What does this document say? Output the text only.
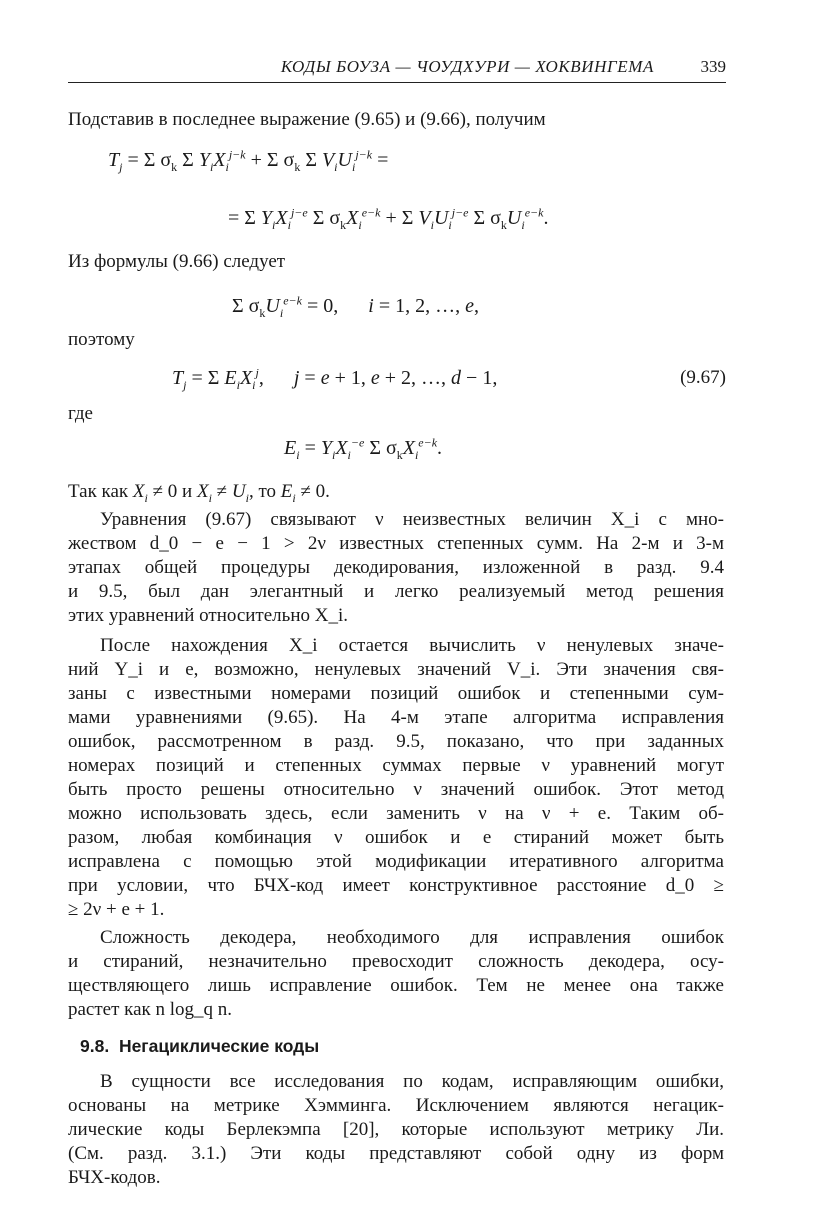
КОДЫ БОУЗА — ЧОУДХУРИ — ХОКВИНГЕМА	339
Подставив в последнее выражение (9.65) и (9.66), получим
$T_j = \Sigma$ $\sigma_k$ Σ $Y_iX_i^{j-k} + \Sigma$ $\sigma_k$ Σ $V_iU_i^{j-k}$ =
= Σ $Y_iX_i^{j-e}$ Σ $\sigma_kX_i^{e-k} + \Sigma$ $V_iU_i^{j-e}$ Σ $\sigma_kU_i^{e-k}$.
Из формулы (9.66) следует
Σ $\sigma_kU_i^{e-k} = 0$,      i = 1, 2, …, e,
поэтому
$T_j = \Sigma$ $E_iX_i^j$,      j = e + 1, e + 2, …, d − 1,	(9.67)
где
$E_i = Y_iX_i^{-e}$ Σ $\sigma_kX_i^{e-k}$.
Так как $X_i \ne 0$ и $X_i \ne U_i$, то $E_i \ne 0$.
Уравнения (9.67) связывают ν неизвестных величин X_i с мно-
жеством d_0 − e − 1 > 2ν известных степенных сумм. На 2-м и 3-м
этапах общей процедуры декодирования, изложенной в разд. 9.4
и 9.5, был дан элегантный и легко реализуемый метод решения
этих уравнений относительно X_i.
После нахождения X_i остается вычислить ν ненулевых значе-
ний Y_i и e, возможно, ненулевых значений V_i. Эти значения свя-
заны с известными номерами позиций ошибок и степенными сум-
мами уравнениями (9.65). На 4-м этапе алгоритма исправления
ошибок, рассмотренном в разд. 9.5, показано, что при заданных
номерах позиций и степенных суммах первые ν уравнений могут
быть просто решены относительно ν значений ошибок. Этот метод
можно использовать здесь, если заменить ν на ν + e. Таким об-
разом, любая комбинация ν ошибок и e стираний может быть
исправлена с помощью этой модификации итеративного алгоритма
при условии, что БЧХ-код имеет конструктивное расстояние d_0 ≥
≥ 2ν + e + 1.
Сложность декодера, необходимого для исправления ошибок
и стираний, незначительно превосходит сложность декодера, осу-
ществляющего лишь исправление ошибок. Тем не менее она также
растет как n log_q n.
9.8. Негациклические коды
В сущности все исследования по кодам, исправляющим ошибки,
основаны на метрике Хэмминга. Исключением являются негацик-
лические коды Берлекэмпа [20], которые используют метрику Ли.
(См. разд. 3.1.) Эти коды представляют собой одну из форм
БЧХ-кодов.
